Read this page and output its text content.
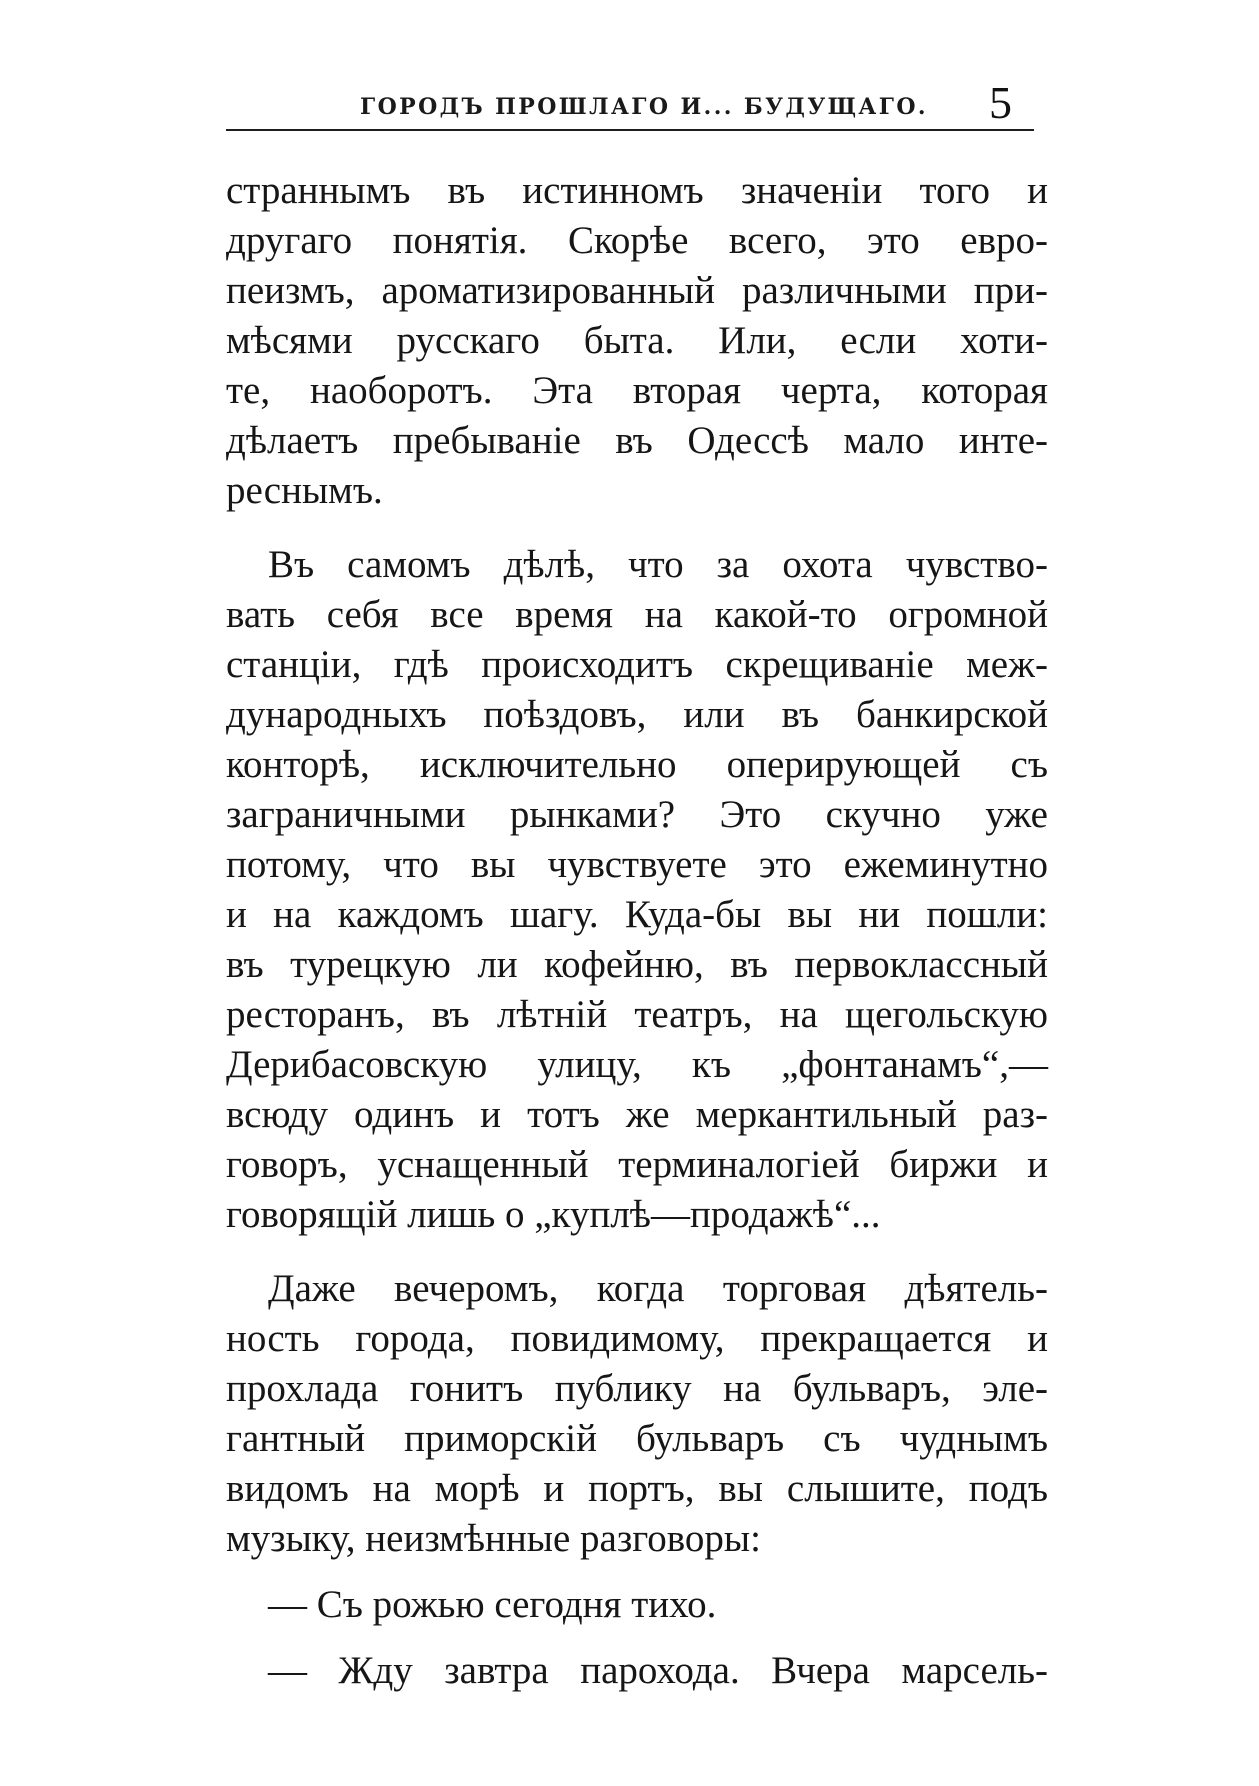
ГОРОДЪ ПРОШЛАГО И... БУДУЩАГО. 5
страннымъ въ истинномъ значенiи того и
другаго понятiя. Скорѣе всего, это евро-
пеизмъ, ароматизированный различными при-
мѣсями русскаго быта. Или, если хоти-
те, наоборотъ. Эта вторая черта, которая
дѣлаетъ пребыванiе въ Одессѣ мало инте-
реснымъ.
Въ самомъ дѣлѣ, что за охота чувство-
вать себя все время на какой-то огромной
станцiи, гдѣ происходитъ скрещиванiе меж-
дународныхъ поѣздовъ, или въ банкирской
конторѣ, исключительно оперирующей съ
заграничными рынками? Это скучно уже
потому, что вы чувствуете это ежеминутно
и на каждомъ шагу. Куда-бы вы ни пошли:
въ турецкую ли кофейню, въ первоклассный
ресторанъ, въ лѣтнiй театръ, на щегольскую
Дерибасовскую улицу, къ „фонтанамъ“,—
всюду одинъ и тотъ же меркантильный раз-
говоръ, уснащенный терминалогiей биржи и
говорящiй лишь о „куплѣ—продажѣ“...
Даже вечеромъ, когда торговая дѣятель-
ность города, повидимому, прекращается и
прохлада гонитъ публику на бульваръ, эле-
гантный приморскiй бульваръ съ чуднымъ
видомъ на морѣ и портъ, вы слышите, подъ
музыку, неизмѣнные разговоры:
— Съ рожью сегодня тихо.
— Жду завтра парохода. Вчера марсель-
